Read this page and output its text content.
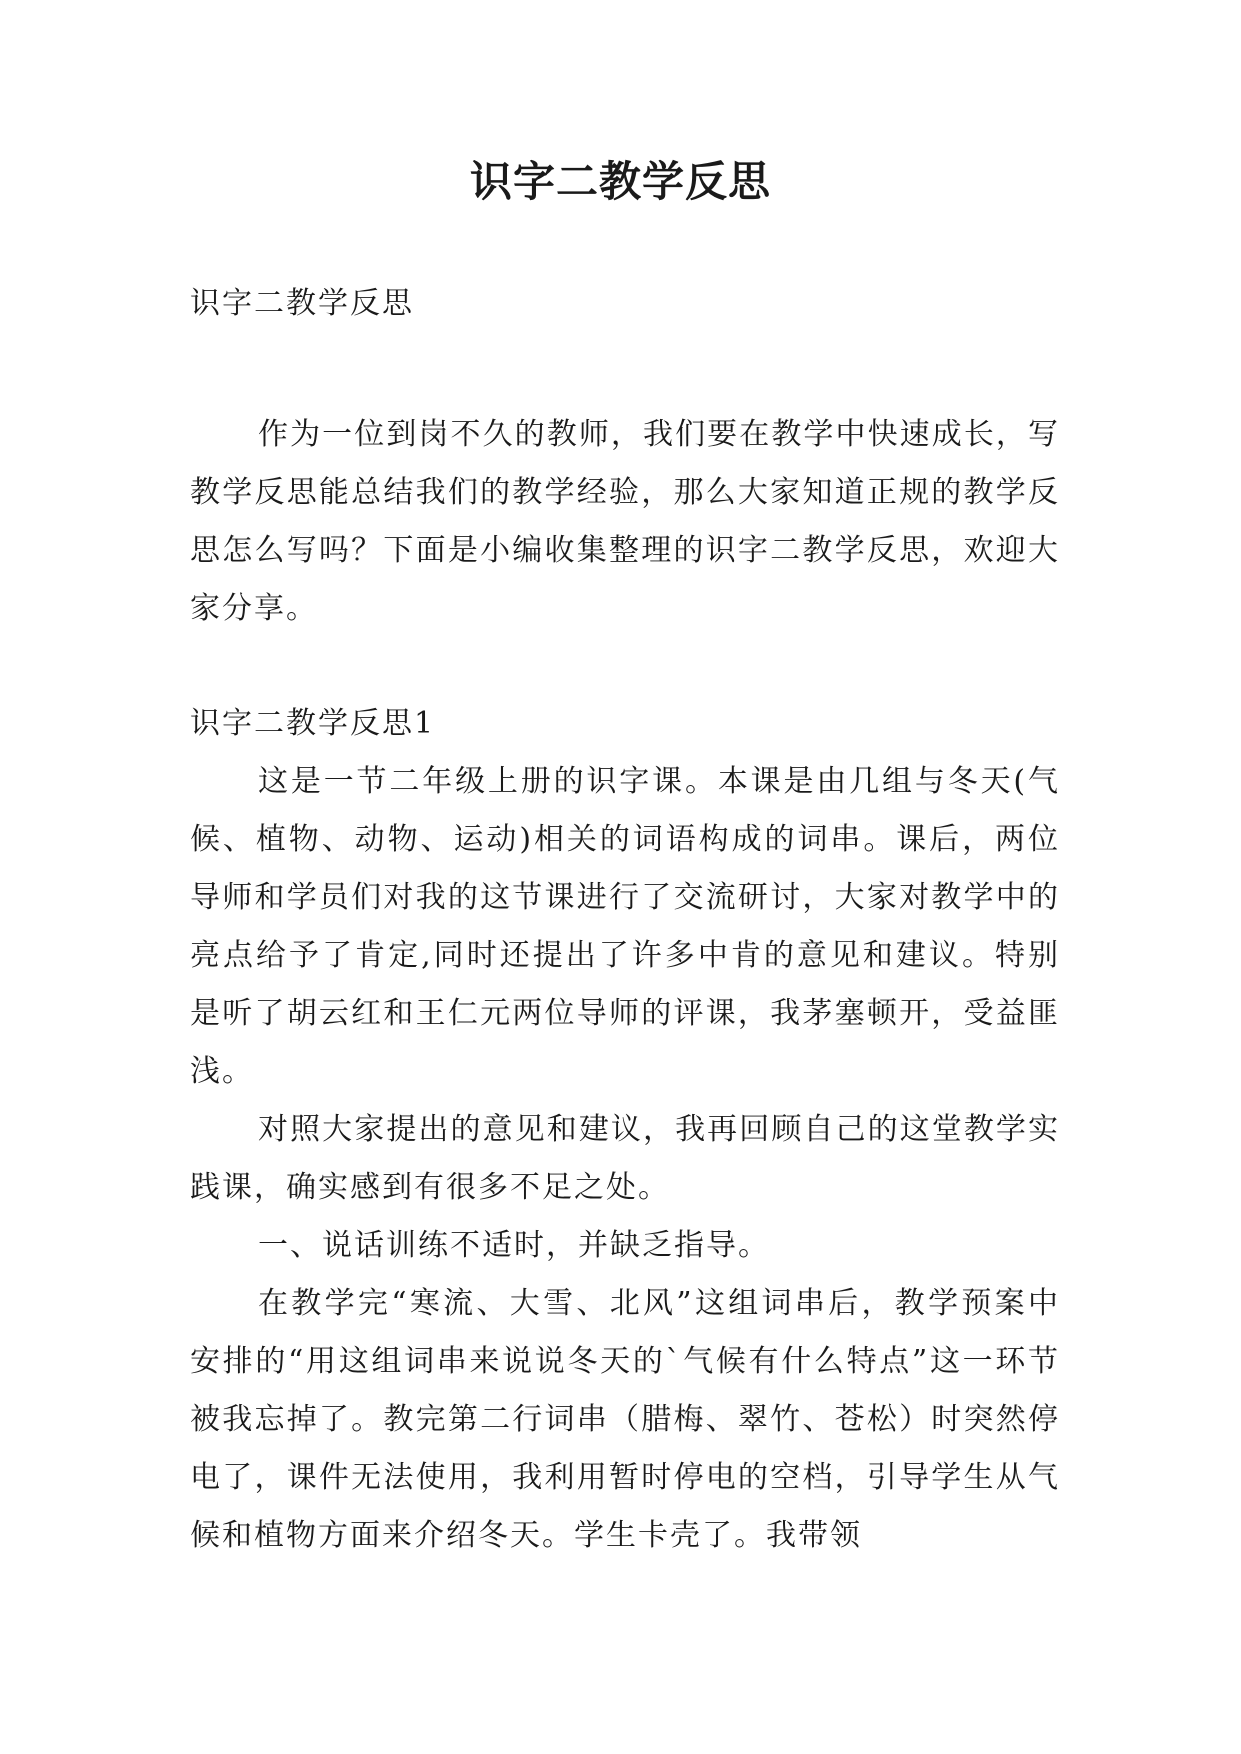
识字二教学反思

识字二教学反思

作为一位到岗不久的教师，我们要在教学中快速成长，写教学反思能总结我们的教学经验，那么大家知道正规的教学反思怎么写吗？下面是小编收集整理的识字二教学反思，欢迎大家分享。

识字二教学反思1

这是一节二年级上册的识字课。本课是由几组与冬天(气候、植物、动物、运动)相关的词语构成的词串。课后，两位导师和学员们对我的这节课进行了交流研讨，大家对教学中的亮点给予了肯定,同时还提出了许多中肯的意见和建议。特别是听了胡云红和王仁元两位导师的评课，我茅塞顿开，受益匪浅。

对照大家提出的意见和建议，我再回顾自己的这堂教学实践课，确实感到有很多不足之处。

一、说话训练不适时，并缺乏指导。

在教学完“寒流、大雪、北风”这组词串后，教学预案中安排的“用这组词串来说说冬天的`气候有什么特点”这一环节被我忘掉了。教完第二行词串（腊梅、翠竹、苍松）时突然停电了，课件无法使用，我利用暂时停电的空档，引导学生从气候和植物方面来介绍冬天。学生卡壳了。我带领
